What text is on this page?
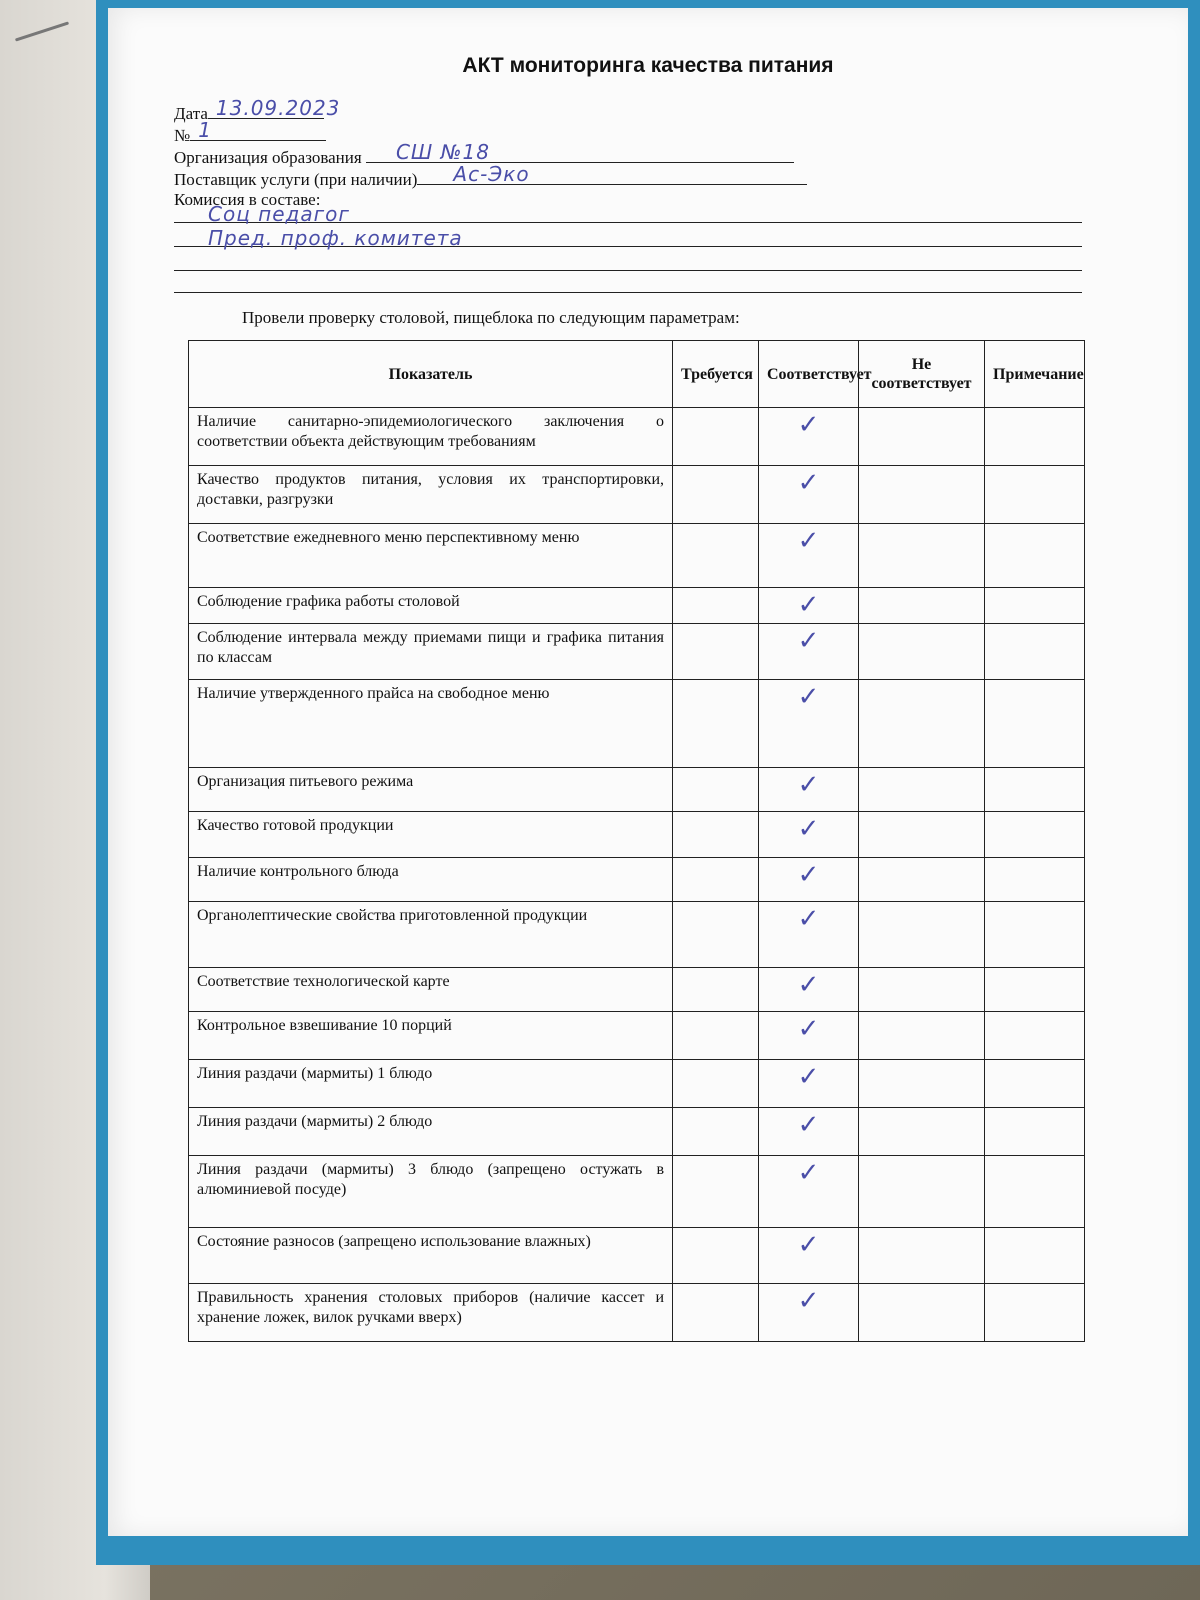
АКТ мониторинга качества питания
Дата 13.09.2023
№ 1
Организация образования СШ №18
Поставщик услуги (при наличии) Ас-Эко
Комиссия в составе:
Соц педагог
Пред. проф. комитета
Провели проверку столовой, пищеблока по следующим параметрам:
Показатель	Требуется	Соответствует	Не соответствует	Примечание
Наличие санитарно-эпидемиологического заключения о соответствии объекта действующим требованиям		✓		
Качество продуктов питания, условия их транспортировки, доставки, разгрузки		✓		
Соответствие ежедневного меню перспективному меню		✓		
Соблюдение графика работы столовой		✓		
Соблюдение интервала между приемами пищи и графика питания по классам		✓		
Наличие утвержденного прайса на свободное меню		✓		
Организация питьевого режима		✓		
Качество готовой продукции		✓		
Наличие контрольного блюда		✓		
Органолептические свойства приготовленной продукции		✓		
Соответствие технологической карте		✓		
Контрольное взвешивание 10 порций		✓		
Линия раздачи (мармиты) 1 блюдо		✓		
Линия раздачи (мармиты) 2 блюдо		✓		
Линия раздачи (мармиты) 3 блюдо (запрещено остужать в алюминиевой посуде)		✓		
Состояние разносов (запрещено использование влажных)		✓		
Правильность хранения столовых приборов (наличие кассет и хранение ложек, вилок ручками вверх)		✓		
